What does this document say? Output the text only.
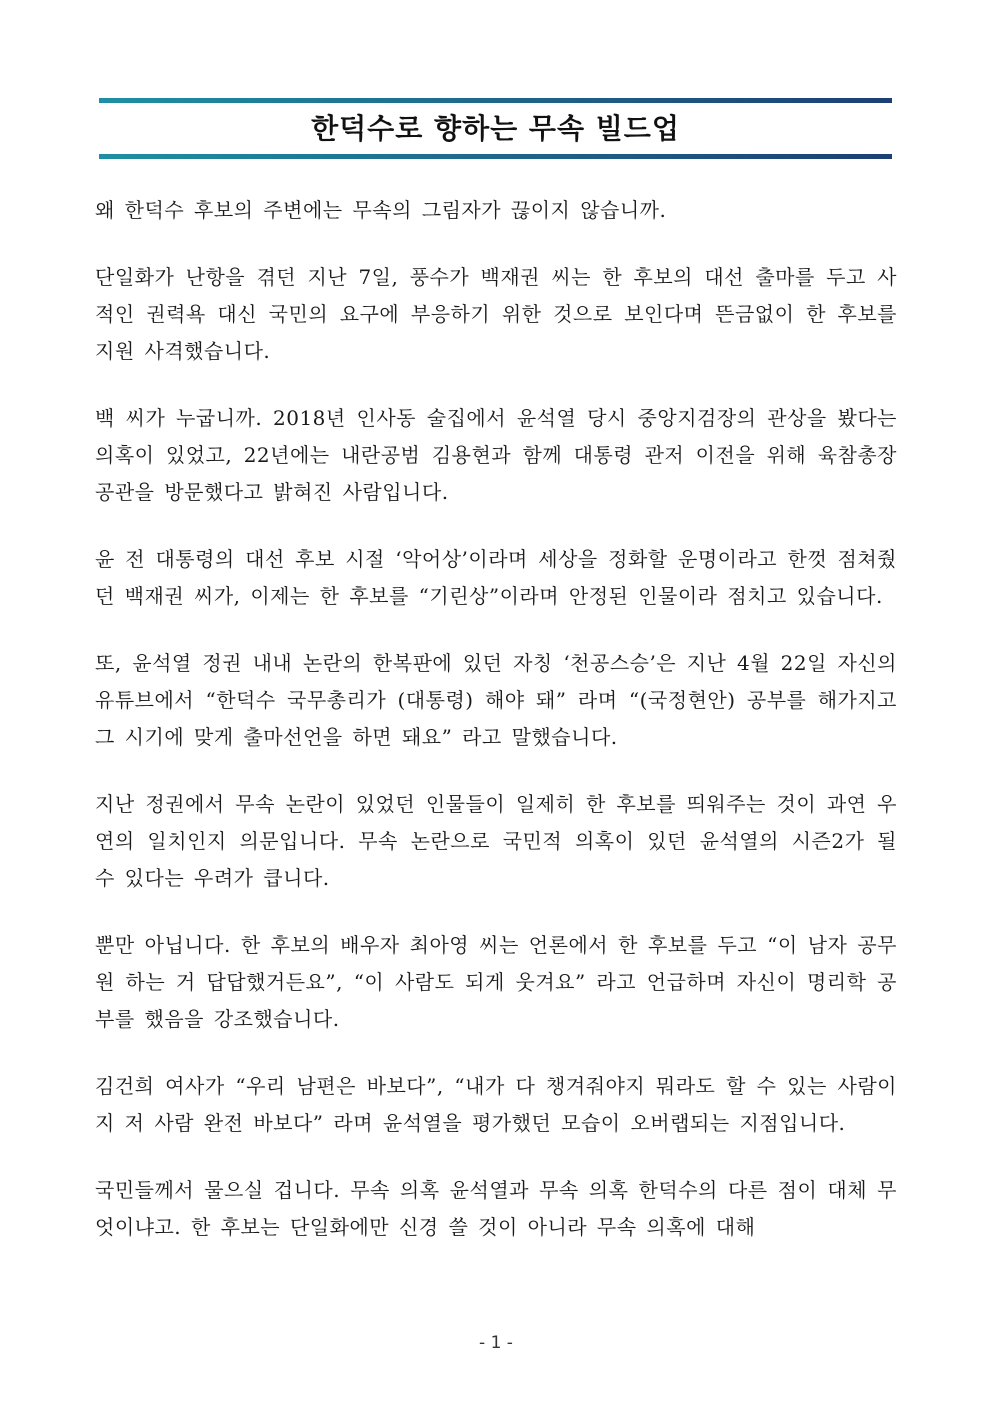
한덕수로 향하는 무속 빌드업

왜 한덕수 후보의 주변에는 무속의 그림자가 끊이지 않습니까.

단일화가 난항을 겪던 지난 7일, 풍수가 백재권 씨는 한 후보의 대선 출마를 두고 사적인 권력욕 대신 국민의 요구에 부응하기 위한 것으로 보인다며 뜬금없이 한 후보를 지원 사격했습니다.

백 씨가 누굽니까. 2018년 인사동 술집에서 윤석열 당시 중앙지검장의 관상을 봤다는 의혹이 있었고, 22년에는 내란공범 김용현과 함께 대통령 관저 이전을 위해 육참총장 공관을 방문했다고 밝혀진 사람입니다.

윤 전 대통령의 대선 후보 시절 ‘악어상’이라며 세상을 정화할 운명이라고 한껏 점쳐줬던 백재권 씨가, 이제는 한 후보를 “기린상”이라며 안정된 인물이라 점치고 있습니다.

또, 윤석열 정권 내내 논란의 한복판에 있던 자칭 ‘천공스승’은 지난 4월 22일 자신의 유튜브에서 “한덕수 국무총리가 (대통령) 해야 돼” 라며 “(국정현안) 공부를 해가지고 그 시기에 맞게 출마선언을 하면 돼요” 라고 말했습니다.

지난 정권에서 무속 논란이 있었던 인물들이 일제히 한 후보를 띄워주는 것이 과연 우연의 일치인지 의문입니다. 무속 논란으로 국민적 의혹이 있던 윤석열의 시즌2가 될 수 있다는 우려가 큽니다.

뿐만 아닙니다. 한 후보의 배우자 최아영 씨는 언론에서 한 후보를 두고 “이 남자 공무원 하는 거 답답했거든요”, “이 사람도 되게 웃겨요” 라고 언급하며 자신이 명리학 공부를 했음을 강조했습니다.

김건희 여사가 “우리 남편은 바보다”, “내가 다 챙겨줘야지 뭐라도 할 수 있는 사람이지 저 사람 완전 바보다” 라며 윤석열을 평가했던 모습이 오버랩되는 지점입니다.

국민들께서 물으실 겁니다. 무속 의혹 윤석열과 무속 의혹 한덕수의 다른 점이 대체 무엇이냐고. 한 후보는 단일화에만 신경 쓸 것이 아니라 무속 의혹에 대해

- 1 -
